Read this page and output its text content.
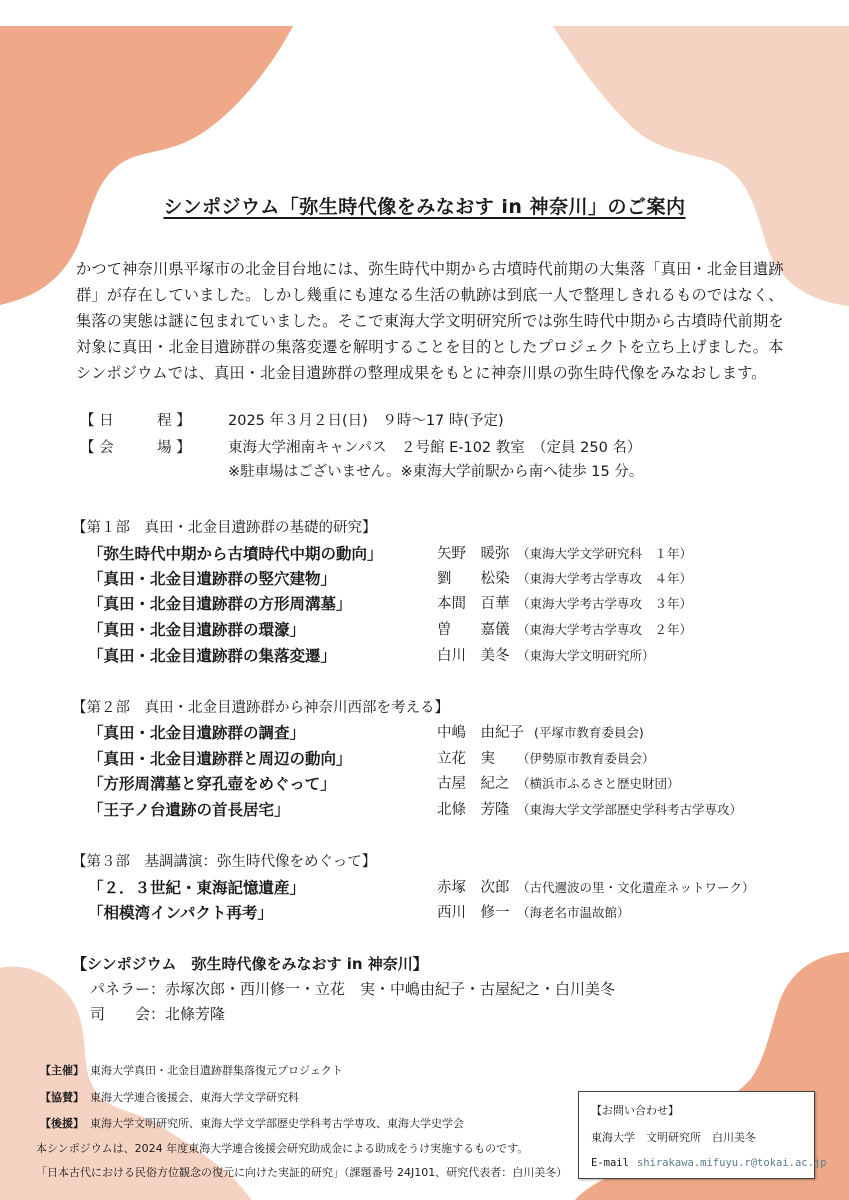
シンポジウム「弥生時代像をみなおす in 神奈川」のご案内
かつて神奈川県平塚市の北金目台地には、弥生時代中期から古墳時代前期の大集落「真田・北金目遺跡
群」が存在していました。しかし幾重にも連なる生活の軌跡は到底一人で整理しきれるものではなく、
集落の実態は謎に包まれていました。そこで東海大学文明研究所では弥生時代中期から古墳時代前期を
対象に真田・北金目遺跡群の集落変遷を解明することを目的としたプロジェクトを立ち上げました。本
シンポジウムでは、真田・北金目遺跡群の整理成果をもとに神奈川県の弥生時代像をみなおします。
【 日　　　程 】	2025 年３月２日(日)　９時～17 時(予定)
【 会　　　場 】	東海大学湘南キャンパス　２号館 E-102 教室　（定員 250 名）
※駐車場はございません。※東海大学前駅から南へ徒歩 15 分。
【第１部　真田・北金目遺跡群の基礎的研究】
「弥生時代中期から古墳時代中期の動向」	矢野　暖弥 （東海大学文学研究科　１年）
「真田・北金目遺跡群の竪穴建物」	劉　　松染 （東海大学考古学専攻　４年）
「真田・北金目遺跡群の方形周溝墓」	本間　百華 （東海大学考古学専攻　３年）
「真田・北金目遺跡群の環濠」	曽　　嘉儀 （東海大学考古学専攻　２年）
「真田・北金目遺跡群の集落変遷」	白川　美冬 （東海大学文明研究所）
【第２部　真田・北金目遺跡群から神奈川西部を考える】
「真田・北金目遺跡群の調査」	中嶋　由紀子 (平塚市教育委員会)
「真田・北金目遺跡群と周辺の動向」	立花　実 （伊勢原市教育委員会）
「方形周溝墓と穿孔壺をめぐって」	古屋　紀之 （横浜市ふるさと歴史財団）
「王子ノ台遺跡の首長居宅」	北條　芳隆 （東海大学文学部歴史学科考古学専攻）
【第３部　基調講演：弥生時代像をめぐって】
「２．３世紀・東海記憶遺産」	赤塚　次郎 （古代邇波の里・文化遺産ネットワーク）
「相模湾インパクト再考」	西川　修一 （海老名市温故館）
【シンポジウム　弥生時代像をみなおす in 神奈川】
パネラー：赤塚次郎・西川修一・立花　実・中嶋由紀子・古屋紀之・白川美冬
司　　会：北條芳隆
【主催】 東海大学真田・北金目遺跡群集落復元プロジェクト
【協賛】 東海大学連合後援会、東海大学文学研究科
【後援】 東海大学文明研究所、東海大学文学部歴史学科考古学専攻、東海大学史学会
本シンポジウムは、2024 年度東海大学連合後援会研究助成金による助成をうけ実施するものです。
「日本古代における民俗方位観念の復元に向けた実証的研究」（課題番号 24J101、研究代表者：白川美冬）
【お問い合わせ】
東海大学　文明研究所　白川美冬
E-mail shirakawa.mifuyu.r@tokai.ac.jp
